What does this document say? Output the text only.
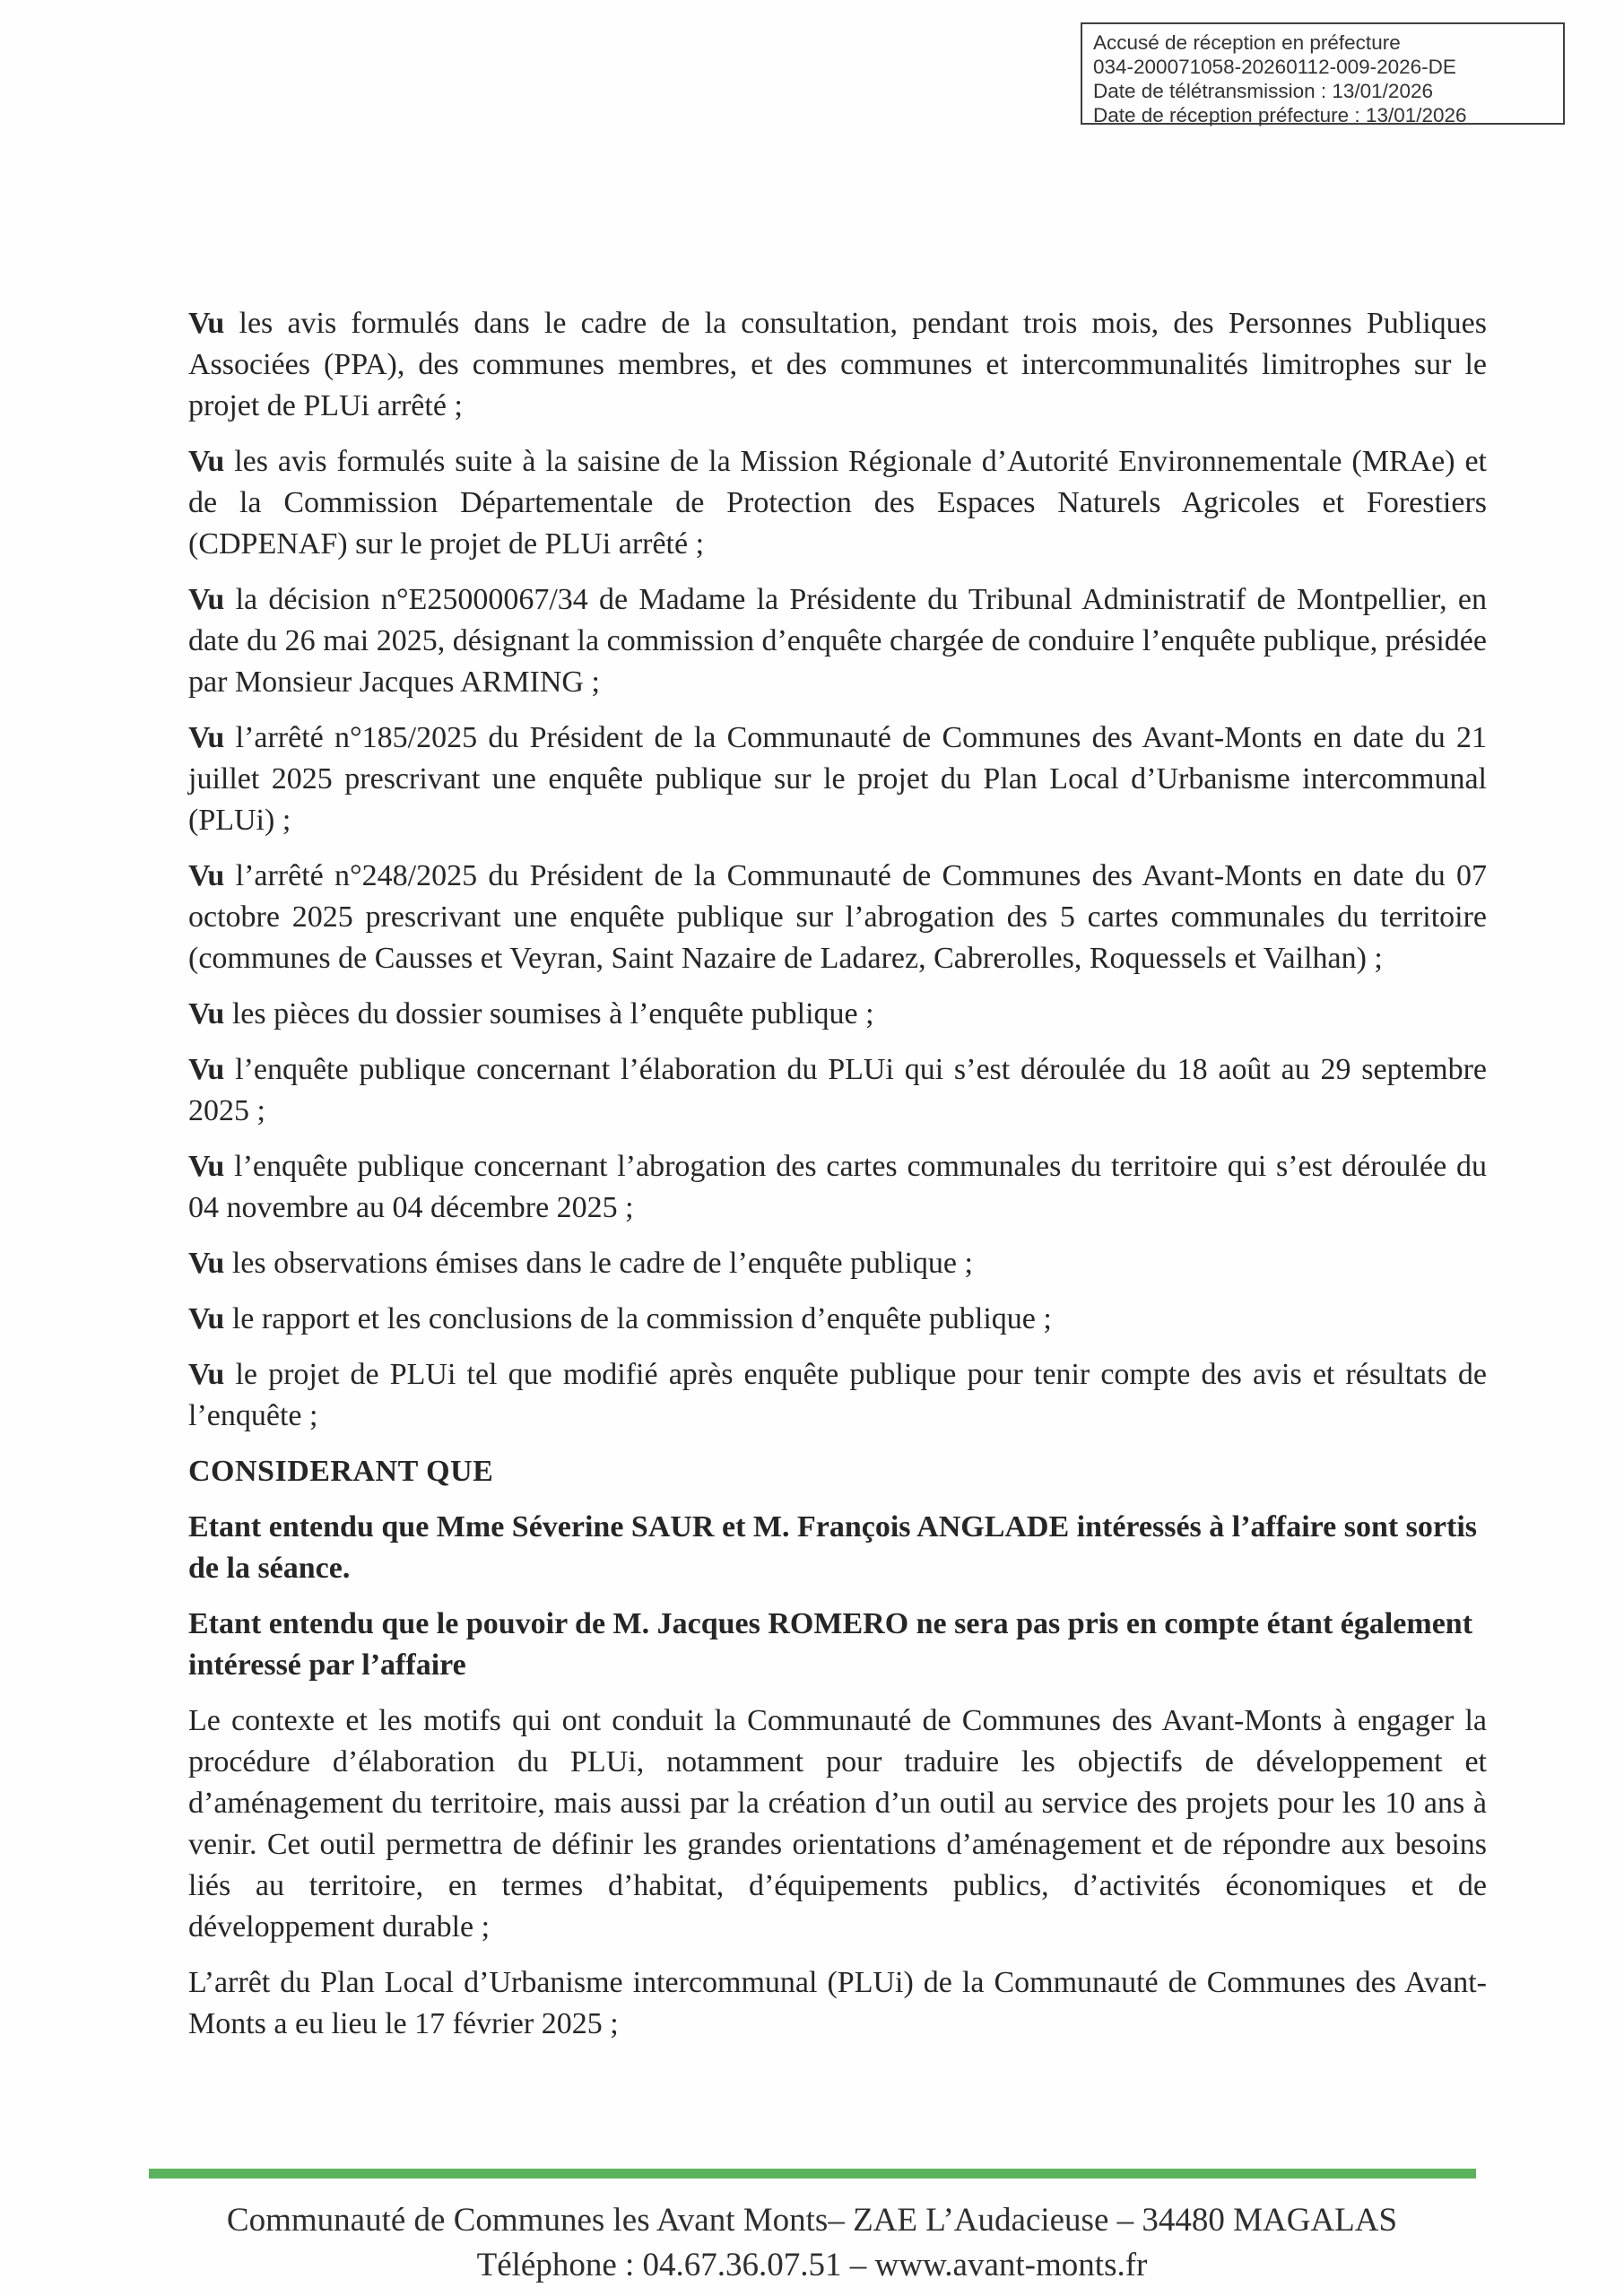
Accusé de réception en préfecture
034-200071058-20260112-009-2026-DE
Date de télétransmission : 13/01/2026
Date de réception préfecture : 13/01/2026

Vu les avis formulés dans le cadre de la consultation, pendant trois mois, des Personnes Publiques Associées (PPA), des communes membres, et des communes et intercommunalités limitrophes sur le projet de PLUi arrêté ;

Vu les avis formulés suite à la saisine de la Mission Régionale d’Autorité Environnementale (MRAe) et de la Commission Départementale de Protection des Espaces Naturels Agricoles et Forestiers (CDPENAF) sur le projet de PLUi arrêté ;

Vu la décision n°E25000067/34 de Madame la Présidente du Tribunal Administratif de Montpellier, en date du 26 mai 2025, désignant la commission d’enquête chargée de conduire l’enquête publique, présidée par Monsieur Jacques ARMING ;

Vu l’arrêté n°185/2025 du Président de la Communauté de Communes des Avant-Monts en date du 21 juillet 2025 prescrivant une enquête publique sur le projet du Plan Local d’Urbanisme intercommunal (PLUi) ;

Vu l’arrêté n°248/2025 du Président de la Communauté de Communes des Avant-Monts en date du 07 octobre 2025 prescrivant une enquête publique sur l’abrogation des 5 cartes communales du territoire (communes de Causses et Veyran, Saint Nazaire de Ladarez, Cabrerolles, Roquessels et Vailhan) ;

Vu les pièces du dossier soumises à l’enquête publique ;

Vu l’enquête publique concernant l’élaboration du PLUi qui s’est déroulée du 18 août au 29 septembre 2025 ;

Vu l’enquête publique concernant l’abrogation des cartes communales du territoire qui s’est déroulée du 04 novembre au 04 décembre 2025 ;

Vu les observations émises dans le cadre de l’enquête publique ;

Vu le rapport et les conclusions de la commission d’enquête publique ;

Vu le projet de PLUi tel que modifié après enquête publique pour tenir compte des avis et résultats de l’enquête ;

CONSIDERANT QUE

Etant entendu que Mme Séverine SAUR et M. François ANGLADE intéressés à l’affaire sont sortis de la séance.

Etant entendu que le pouvoir de M. Jacques ROMERO ne sera pas pris en compte étant également intéressé par l’affaire

Le contexte et les motifs qui ont conduit la Communauté de Communes des Avant-Monts à engager la procédure d’élaboration du PLUi, notamment pour traduire les objectifs de développement et d’aménagement du territoire, mais aussi par la création d’un outil au service des projets pour les 10 ans à venir. Cet outil permettra de définir les grandes orientations d’aménagement et de répondre aux besoins liés au territoire, en termes d’habitat, d’équipements publics, d’activités économiques et de développement durable ;

L’arrêt du Plan Local d’Urbanisme intercommunal (PLUi) de la Communauté de Communes des Avant-Monts a eu lieu le 17 février 2025 ;

Communauté de Communes les Avant Monts– ZAE L’Audacieuse – 34480 MAGALAS
Téléphone : 04.67.36.07.51 – www.avant-monts.fr
